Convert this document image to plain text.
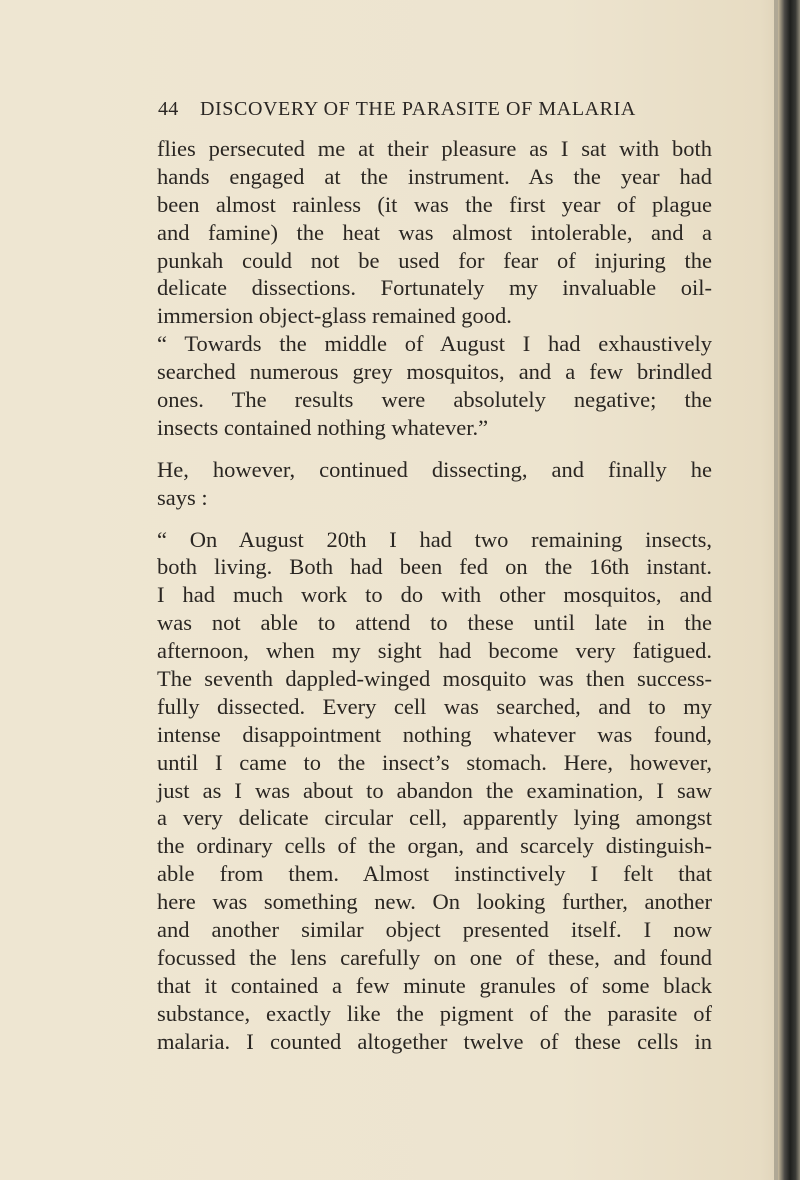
44	DISCOVERY OF THE PARASITE OF MALARIA
flies persecuted me at their pleasure as I sat with both
hands engaged at the instrument. As the year had
been almost rainless (it was the first year of plague
and famine) the heat was almost intolerable, and a
punkah could not be used for fear of injuring the
delicate dissections. Fortunately my invaluable oil-
immersion object-glass remained good.
“ Towards the middle of August I had exhaustively
searched numerous grey mosquitos, and a few brindled
ones. The results were absolutely negative; the
insects contained nothing whatever.”
He, however, continued dissecting, and finally he
says :
“ On August 20th I had two remaining insects,
both living. Both had been fed on the 16th instant.
I had much work to do with other mosquitos, and
was not able to attend to these until late in the
afternoon, when my sight had become very fatigued.
The seventh dappled-winged mosquito was then success-
fully dissected. Every cell was searched, and to my
intense disappointment nothing whatever was found,
until I came to the insect’s stomach. Here, however,
just as I was about to abandon the examination, I saw
a very delicate circular cell, apparently lying amongst
the ordinary cells of the organ, and scarcely distinguish-
able from them. Almost instinctively I felt that
here was something new. On looking further, another
and another similar object presented itself. I now
focussed the lens carefully on one of these, and found
that it contained a few minute granules of some black
substance, exactly like the pigment of the parasite of
malaria. I counted altogether twelve of these cells in
